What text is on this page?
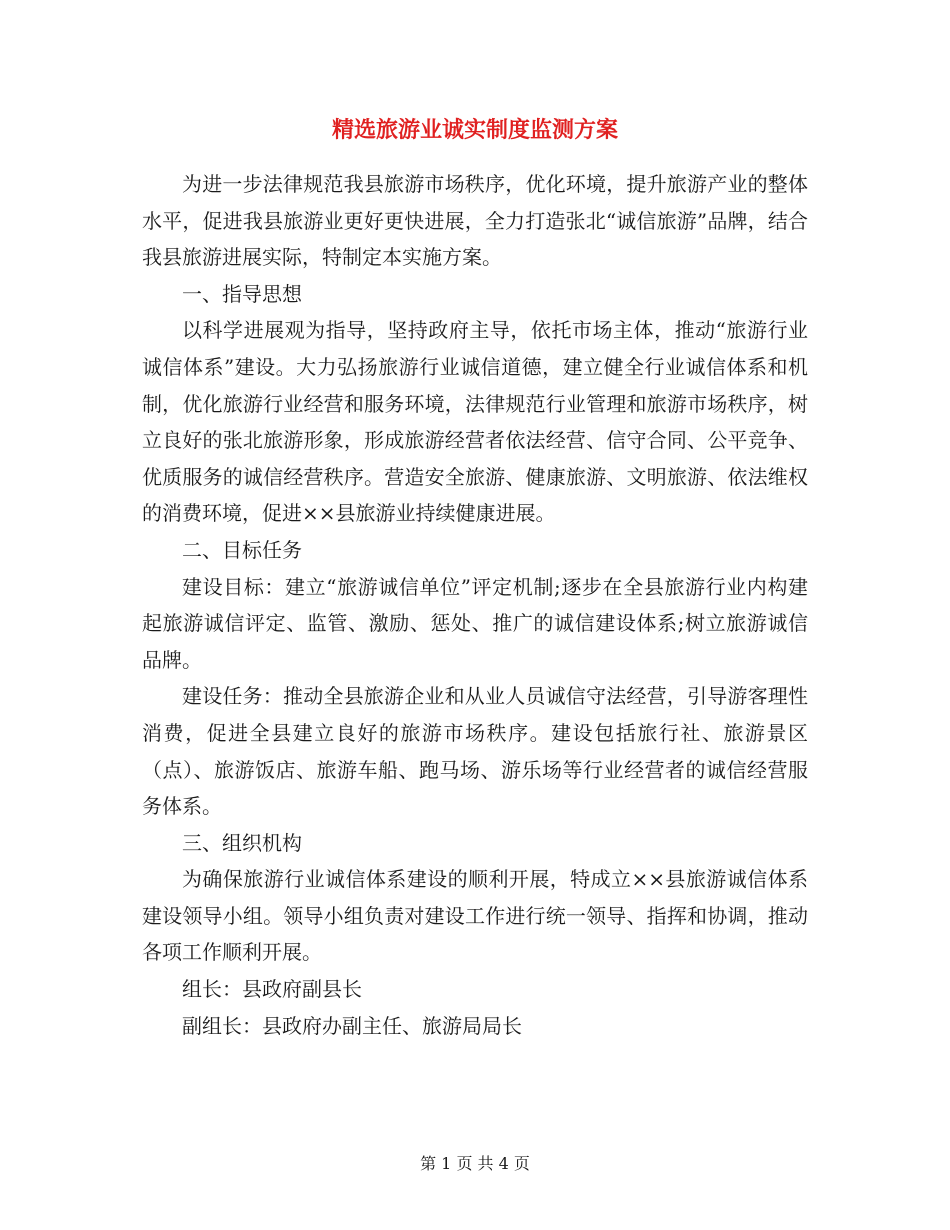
精选旅游业诚实制度监测方案

为进一步法律规范我县旅游市场秩序，优化环境，提升旅游产业的整体水平，促进我县旅游业更好更快进展，全力打造张北“诚信旅游”品牌，结合我县旅游进展实际，特制定本实施方案。

一、指导思想

以科学进展观为指导，坚持政府主导，依托市场主体，推动“旅游行业诚信体系”建设。大力弘扬旅游行业诚信道德，建立健全行业诚信体系和机制，优化旅游行业经营和服务环境，法律规范行业管理和旅游市场秩序，树立良好的张北旅游形象，形成旅游经营者依法经营、信守合同、公平竞争、优质服务的诚信经营秩序。营造安全旅游、健康旅游、文明旅游、依法维权的消费环境，促进××县旅游业持续健康进展。

二、目标任务

建设目标：建立“旅游诚信单位”评定机制;逐步在全县旅游行业内构建起旅游诚信评定、监管、激励、惩处、推广的诚信建设体系;树立旅游诚信品牌。

建设任务：推动全县旅游企业和从业人员诚信守法经营，引导游客理性消费，促进全县建立良好的旅游市场秩序。建设包括旅行社、旅游景区（点）、旅游饭店、旅游车船、跑马场、游乐场等行业经营者的诚信经营服务体系。

三、组织机构

为确保旅游行业诚信体系建设的顺利开展，特成立××县旅游诚信体系建设领导小组。领导小组负责对建设工作进行统一领导、指挥和协调，推动各项工作顺利开展。

组长：县政府副县长

副组长：县政府办副主任、旅游局局长

第 1 页 共 4 页
